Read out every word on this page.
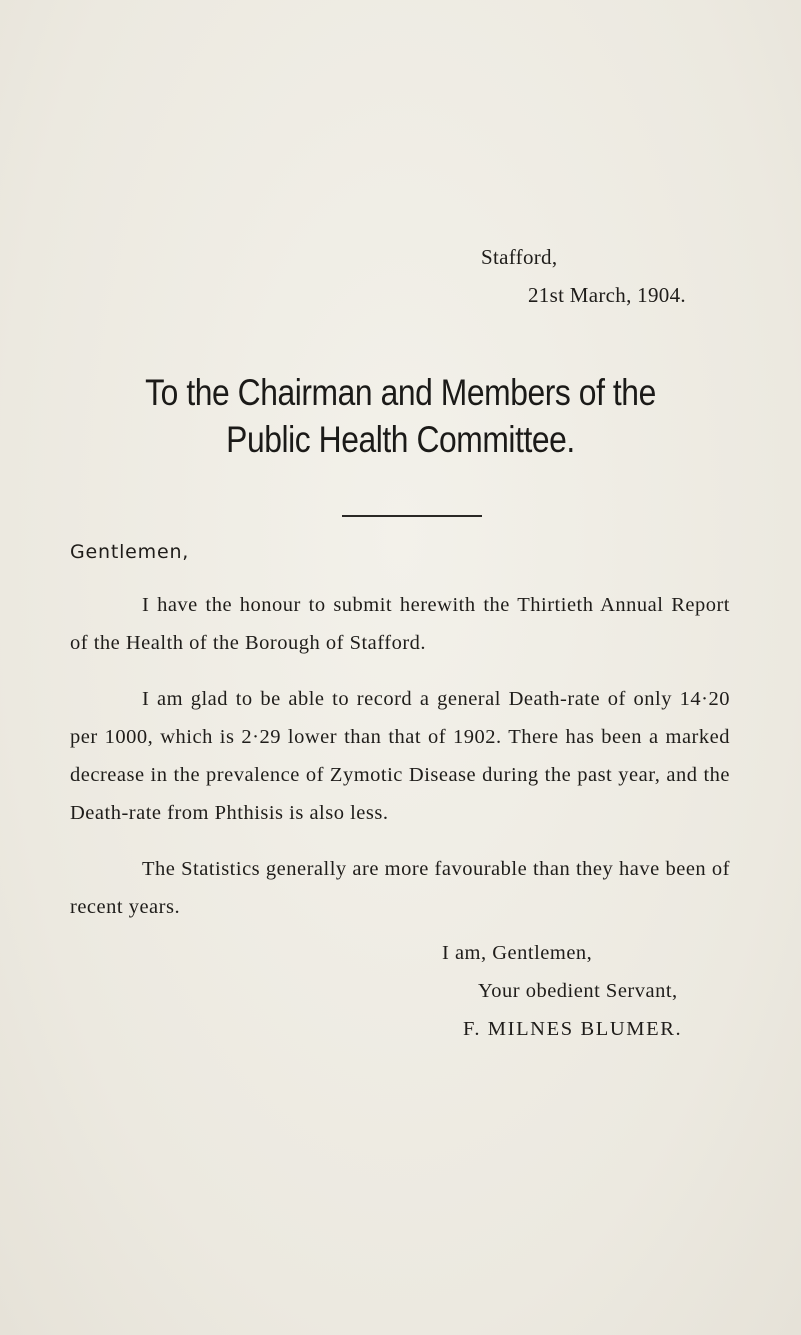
Stafford,
21st March, 1904.
To the Chairman and Members of the
Public Health Committee.
Gentlemen,
I have the honour to submit herewith the Thirtieth Annual Report of the Health of the Borough of Stafford.
I am glad to be able to record a general Death-rate of only 14·20 per 1000, which is 2·29 lower than that of 1902. There has been a marked decrease in the prevalence of Zymotic Disease during the past year, and the Death-rate from Phthisis is also less.
The Statistics generally are more favourable than they have been of recent years.
I am, Gentlemen,
Your obedient Servant,
F. MILNES BLUMER.
